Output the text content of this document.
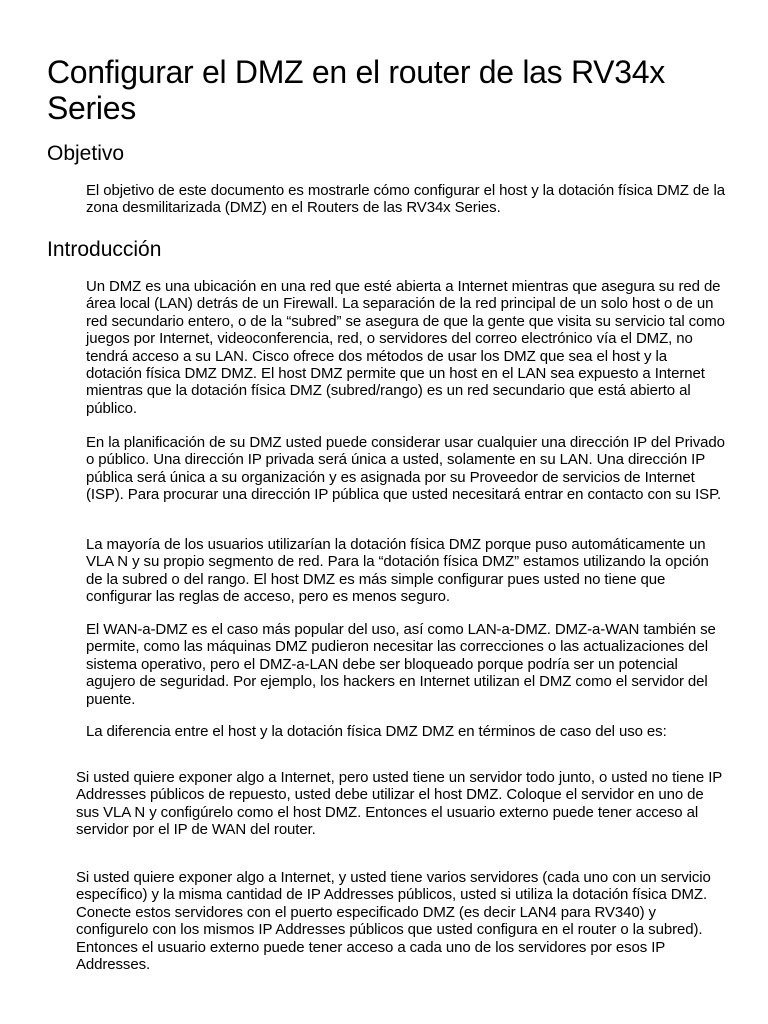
Configurar el DMZ en el router de las RV34x Series
Objetivo

El objetivo de este documento es mostrarle cómo configurar el host y la dotación física DMZ de la zona desmilitarizada (DMZ) en el Routers de las RV34x Series.

Introducción

Un DMZ es una ubicación en una red que esté abierta a Internet mientras que asegura su red de área local (LAN) detrás de un Firewall. La separación de la red principal de un solo host o de un red secundario entero, o de la “subred” se asegura de que la gente que visita su servicio tal como juegos por Internet, videoconferencia, red, o servidores del correo electrónico vía el DMZ, no tendrá acceso a su LAN. Cisco ofrece dos métodos de usar los DMZ que sea el host y la dotación física DMZ DMZ. El host DMZ permite que un host en el LAN sea expuesto a Internet mientras que la dotación física DMZ (subred/rango) es un red secundario que está abierto al público.

En la planificación de su DMZ usted puede considerar usar cualquier una dirección IP del Privado o público. Una dirección IP privada será única a usted, solamente en su LAN. Una dirección IP pública será única a su organización y es asignada por su Proveedor de servicios de Internet (ISP). Para procurar una dirección IP pública que usted necesitará entrar en contacto con su ISP.

La mayoría de los usuarios utilizarían la dotación física DMZ porque puso automáticamente un VLA N y su propio segmento de red. Para la “dotación física DMZ” estamos utilizando la opción de la subred o del rango. El host DMZ es más simple configurar pues usted no tiene que configurar las reglas de acceso, pero es menos seguro.

El WAN-a-DMZ es el caso más popular del uso, así como LAN-a-DMZ. DMZ-a-WAN también se permite, como las máquinas DMZ pudieron necesitar las correcciones o las actualizaciones del sistema operativo, pero el DMZ-a-LAN debe ser bloqueado porque podría ser un potencial agujero de seguridad. Por ejemplo, los hackers en Internet utilizan el DMZ como el servidor del puente.

La diferencia entre el host y la dotación física DMZ DMZ en términos de caso del uso es:

Si usted quiere exponer algo a Internet, pero usted tiene un servidor todo junto, o usted no tiene IP Addresses públicos de repuesto, usted debe utilizar el host DMZ. Coloque el servidor en uno de sus VLA N y configúrelo como el host DMZ. Entonces el usuario externo puede tener acceso al servidor por el IP de WAN del router.

Si usted quiere exponer algo a Internet, y usted tiene varios servidores (cada uno con un servicio específico) y la misma cantidad de IP Addresses públicos, usted si utiliza la dotación física DMZ. Conecte estos servidores con el puerto especificado DMZ (es decir LAN4 para RV340) y configurelo con los mismos IP Addresses públicos que usted configura en el router o la subred). Entonces el usuario externo puede tener acceso a cada uno de los servidores por esos IP Addresses.
